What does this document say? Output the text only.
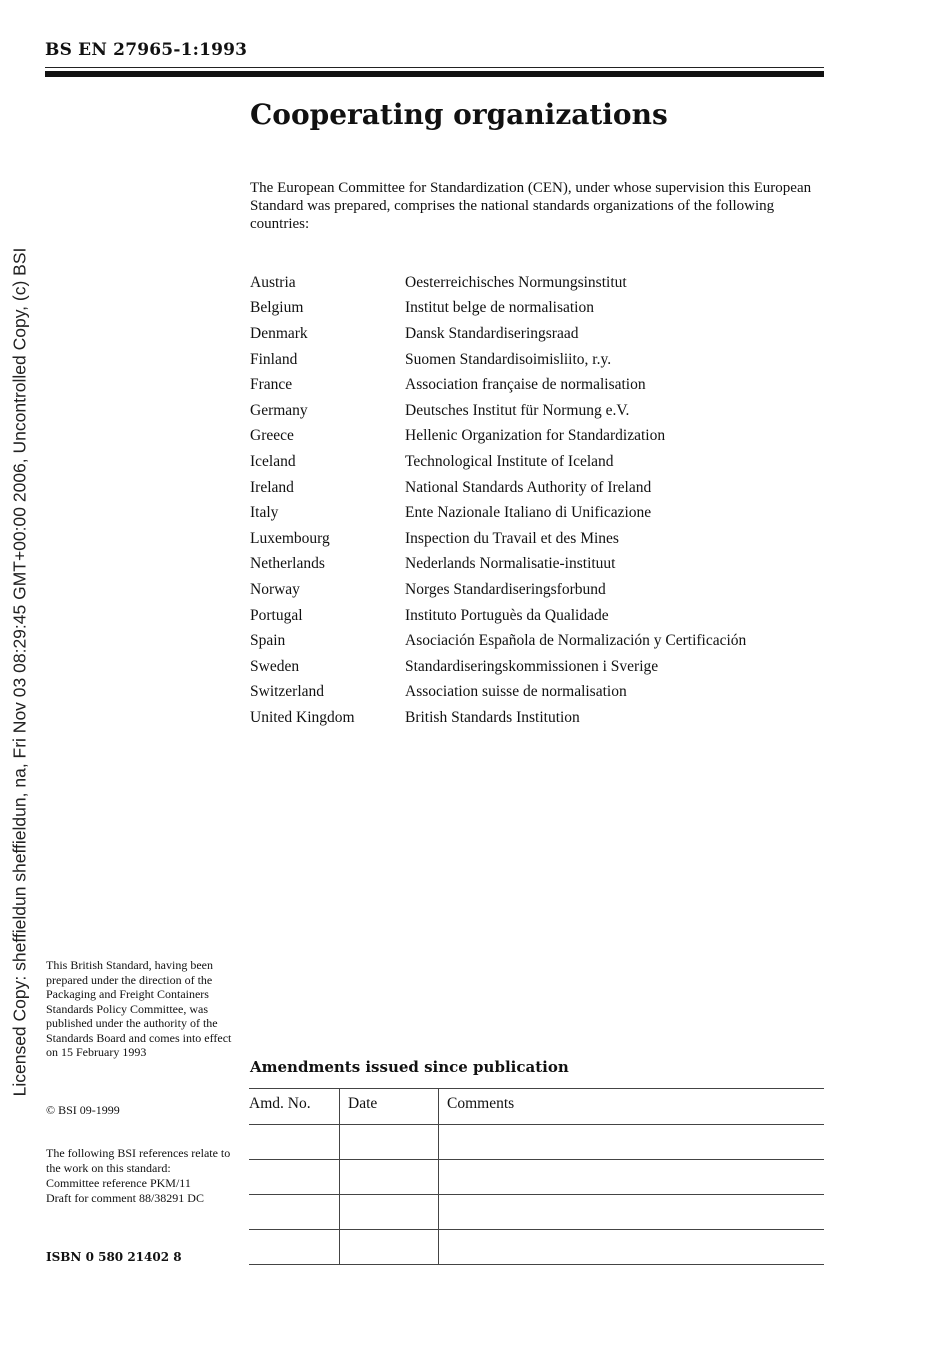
Licensed Copy: sheffieldun sheffieldun, na, Fri Nov 03 08:29:45 GMT+00:00 2006, Uncontrolled Copy, (c) BSI
BS EN 27965-1:1993
Cooperating organizations

The European Committee for Standardization (CEN), under whose supervision this European Standard was prepared, comprises the national standards organizations of the following countries:

Austria	Oesterreichisches Normungsinstitut
Belgium	Institut belge de normalisation
Denmark	Dansk Standardiseringsraad
Finland	Suomen Standardisoimisliito, r.y.
France	Association française de normalisation
Germany	Deutsches Institut für Normung e.V.
Greece	Hellenic Organization for Standardization
Iceland	Technological Institute of Iceland
Ireland	National Standards Authority of Ireland
Italy	Ente Nazionale Italiano di Unificazione
Luxembourg	Inspection du Travail et des Mines
Netherlands	Nederlands Normalisatie-instituut
Norway	Norges Standardiseringsforbund
Portugal	Instituto Portuguès da Qualidade
Spain	Asociación Española de Normalización y Certificación
Sweden	Standardiseringskommissionen i Sverige
Switzerland	Association suisse de normalisation
United Kingdom	British Standards Institution
This British Standard, having been prepared under the direction of the Packaging and Freight Containers Standards Policy Committee, was published under the authority of the Standards Board and comes into effect on 15 February 1993
© BSI 09-1999
The following BSI references relate to the work on this standard:
Committee reference PKM/11
Draft for comment 88/38291 DC
ISBN 0 580 21402 8
Amendments issued since publication
Amd. No.	Date	Comments
